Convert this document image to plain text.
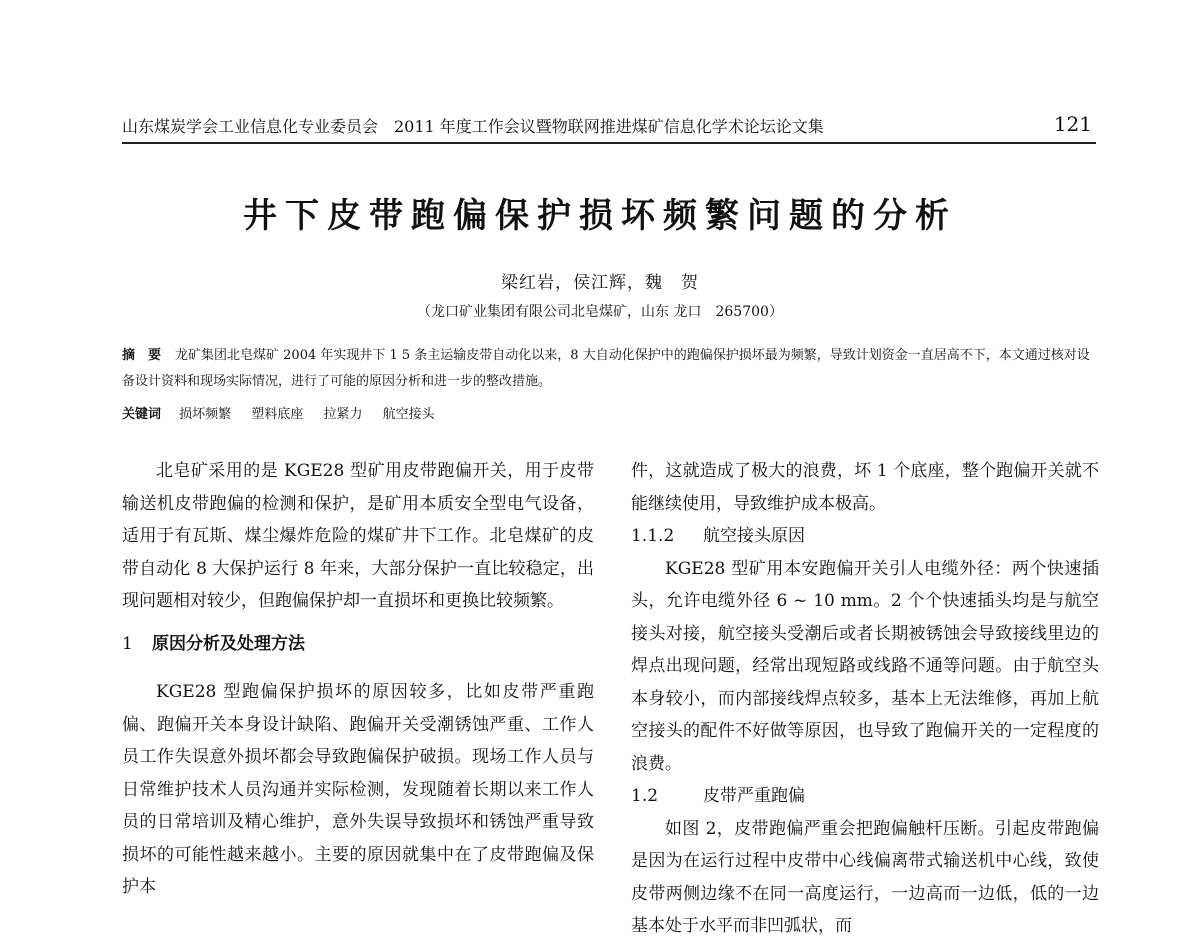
山东煤炭学会工业信息化专业委员会　2011 年度工作会议暨物联网推进煤矿信息化学术论坛论文集	121
井下皮带跑偏保护损坏频繁问题的分析
梁红岩，侯江辉，魏　贺
（龙口矿业集团有限公司北皂煤矿，山东 龙口　265700）
摘　要 龙矿集团北皂煤矿 2004 年实现井下 1 5 条主运输皮带自动化以来，8 大自动化保护中的跑偏保护损坏最为频繁，导致计划资金一直居高不下，本文通过核对设备设计资料和现场实际情况，进行了可能的原因分析和进一步的整改措施。
关键词 损坏频繁 塑料底座 拉紧力 航空接头

北皂矿采用的是 KGE28 型矿用皮带跑偏开关，用于皮带输送机皮带跑偏的检测和保护，是矿用本质安全型电气设备，适用于有瓦斯、煤尘爆炸危险的煤矿井下工作。北皂煤矿的皮带自动化 8 大保护运行 8 年来，大部分保护一直比较稳定，出现问题相对较少，但跑偏保护却一直损坏和更换比较频繁。

1 原因分析及处理方法

KGE28 型跑偏保护损坏的原因较多，比如皮带严重跑偏、跑偏开关本身设计缺陷、跑偏开关受潮锈蚀严重、工作人员工作失误意外损坏都会导致跑偏保护破损。现场工作人员与日常维护技术人员沟通并实际检测，发现随着长期以来工作人员的日常培训及精心维护，意外失误导致损坏和锈蚀严重导致损坏的可能性越来越小。主要的原因就集中在了皮带跑偏及保护本

件，这就造成了极大的浪费，坏 1 个底座，整个跑偏开关就不能继续使用，导致维护成本极高。

1.1.2 航空接头原因

KGE28 型矿用本安跑偏开关引人电缆外径：两个快速插头，允许电缆外径 6 ~ 10 mm。2 个个快速插头均是与航空接头对接，航空接头受潮后或者长期被锈蚀会导致接线里边的焊点出现问题，经常出现短路或线路不通等问题。由于航空头本身较小，而内部接线焊点较多，基本上无法维修，再加上航空接头的配件不好做等原因，也导致了跑偏开关的一定程度的浪费。

1.2	皮带严重跑偏

如图 2，皮带跑偏严重会把跑偏触杆压断。引起皮带跑偏是因为在运行过程中皮带中心线偏离带式输送机中心线，致使皮带两侧边缘不在同一高度运行，一边高而一边低，低的一边基本处于水平而非凹弧状，而
